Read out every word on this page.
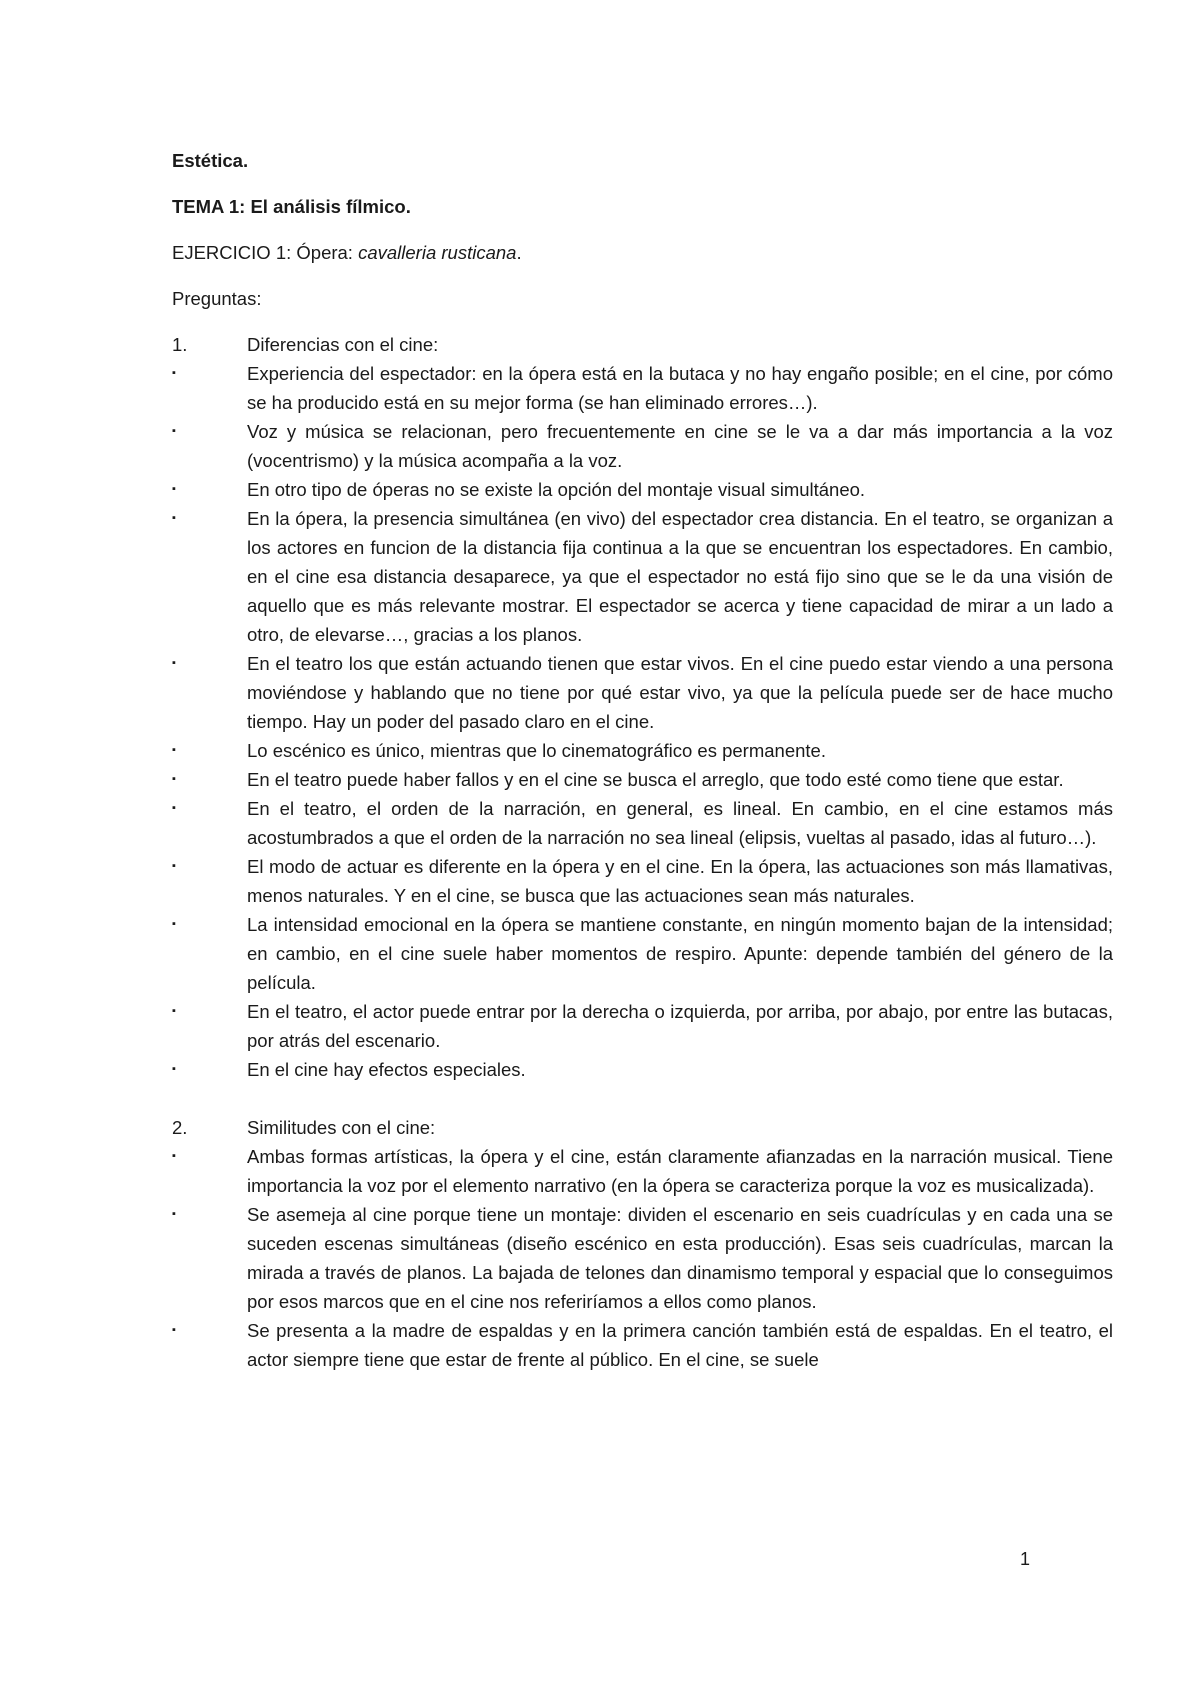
Estética.

TEMA 1: El análisis fílmico.

EJERCICIO 1: Ópera: cavalleria rusticana.

Preguntas:

1.	Diferencias con el cine:
▪	Experiencia del espectador: en la ópera está en la butaca y no hay engaño posible; en el cine, por cómo se ha producido está en su mejor forma (se han eliminado errores…).
▪	Voz y música se relacionan, pero frecuentemente en cine se le va a dar más importancia a la voz (vocentrismo) y la música acompaña a la voz.
▪	En otro tipo de óperas no se existe la opción del montaje visual simultáneo.
▪	En la ópera, la presencia simultánea (en vivo) del espectador crea distancia. En el teatro, se organizan a los actores en funcion de la distancia fija continua a la que se encuentran los espectadores. En cambio, en el cine esa distancia desaparece, ya que el espectador no está fijo sino que se le da una visión de aquello que es más relevante mostrar. El espectador se acerca y tiene capacidad de mirar a un lado a otro, de elevarse…, gracias a los planos.
▪	En el teatro los que están actuando tienen que estar vivos. En el cine puedo estar viendo a una persona moviéndose y hablando que no tiene por qué estar vivo, ya que la película puede ser de hace mucho tiempo. Hay un poder del pasado claro en el cine.
▪	Lo escénico es único, mientras que lo cinematográfico es permanente.
▪	En el teatro puede haber fallos y en el cine se busca el arreglo, que todo esté como tiene que estar.
▪	En el teatro, el orden de la narración, en general, es lineal. En cambio, en el cine estamos más acostumbrados a que el orden de la narración no sea lineal (elipsis, vueltas al pasado, idas al futuro…).
▪	El modo de actuar es diferente en la ópera y en el cine. En la ópera, las actuaciones son más llamativas, menos naturales. Y en el cine, se busca que las actuaciones sean más naturales.
▪	La intensidad emocional en la ópera se mantiene constante, en ningún momento bajan de la intensidad; en cambio, en el cine suele haber momentos de respiro. Apunte: depende también del género de la película.
▪	En el teatro, el actor puede entrar por la derecha o izquierda, por arriba, por abajo, por entre las butacas, por atrás del escenario.
▪	En el cine hay efectos especiales.
2.	Similitudes con el cine:
▪	Ambas formas artísticas, la ópera y el cine, están claramente afianzadas en la narración musical. Tiene importancia la voz por el elemento narrativo (en la ópera se caracteriza porque la voz es musicalizada).
▪	Se asemeja al cine porque tiene un montaje: dividen el escenario en seis cuadrículas y en cada una se suceden escenas simultáneas (diseño escénico en esta producción). Esas seis cuadrículas, marcan la mirada a través de planos. La bajada de telones dan dinamismo temporal y espacial que lo conseguimos por esos marcos que en el cine nos referiríamos a ellos como planos.
▪	Se presenta a la madre de espaldas y en la primera canción también está de espaldas. En el teatro, el actor siempre tiene que estar de frente al público. En el cine, se suele
1
